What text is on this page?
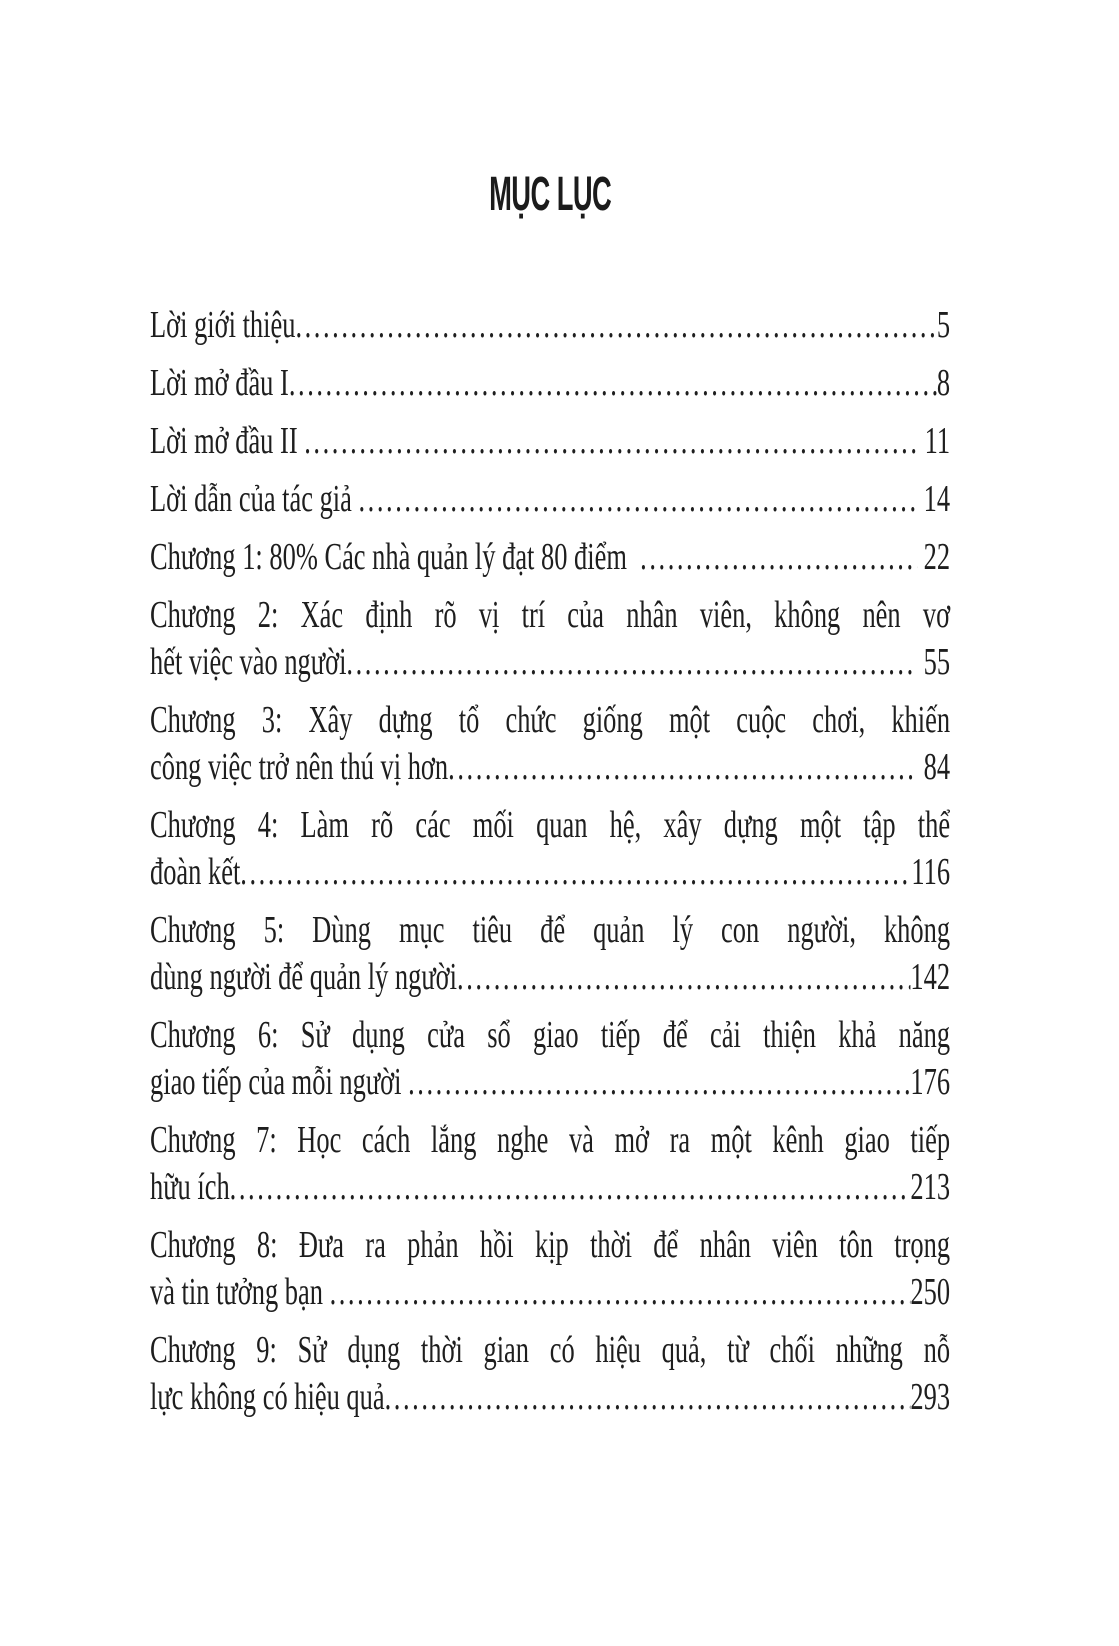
MỤC LỤC
Lời giới thiệu .....	5
Lời mở đầu I .....	8
Lời mở đầu II .....	11
Lời dẫn của tác giả .....	14
Chương 1: 80% Các nhà quản lý đạt 80 điểm .....	22
Chương 2: Xác định rõ vị trí của nhân viên, không nên vơ
hết việc vào người .....	55
Chương 3: Xây dựng tổ chức giống một cuộc chơi, khiến
công việc trở nên thú vị hơn .....	84
Chương 4: Làm rõ các mối quan hệ, xây dựng một tập thể
đoàn kết .....	116
Chương 5: Dùng mục tiêu để quản lý con người, không
dùng người để quản lý người .....	142
Chương 6: Sử dụng cửa sổ giao tiếp để cải thiện khả năng
giao tiếp của mỗi người .....	176
Chương 7: Học cách lắng nghe và mở ra một kênh giao tiếp
hữu ích .....	213
Chương 8: Đưa ra phản hồi kịp thời để nhân viên tôn trọng
và tin tưởng bạn .....	250
Chương 9: Sử dụng thời gian có hiệu quả, từ chối những nỗ
lực không có hiệu quả .....	293
